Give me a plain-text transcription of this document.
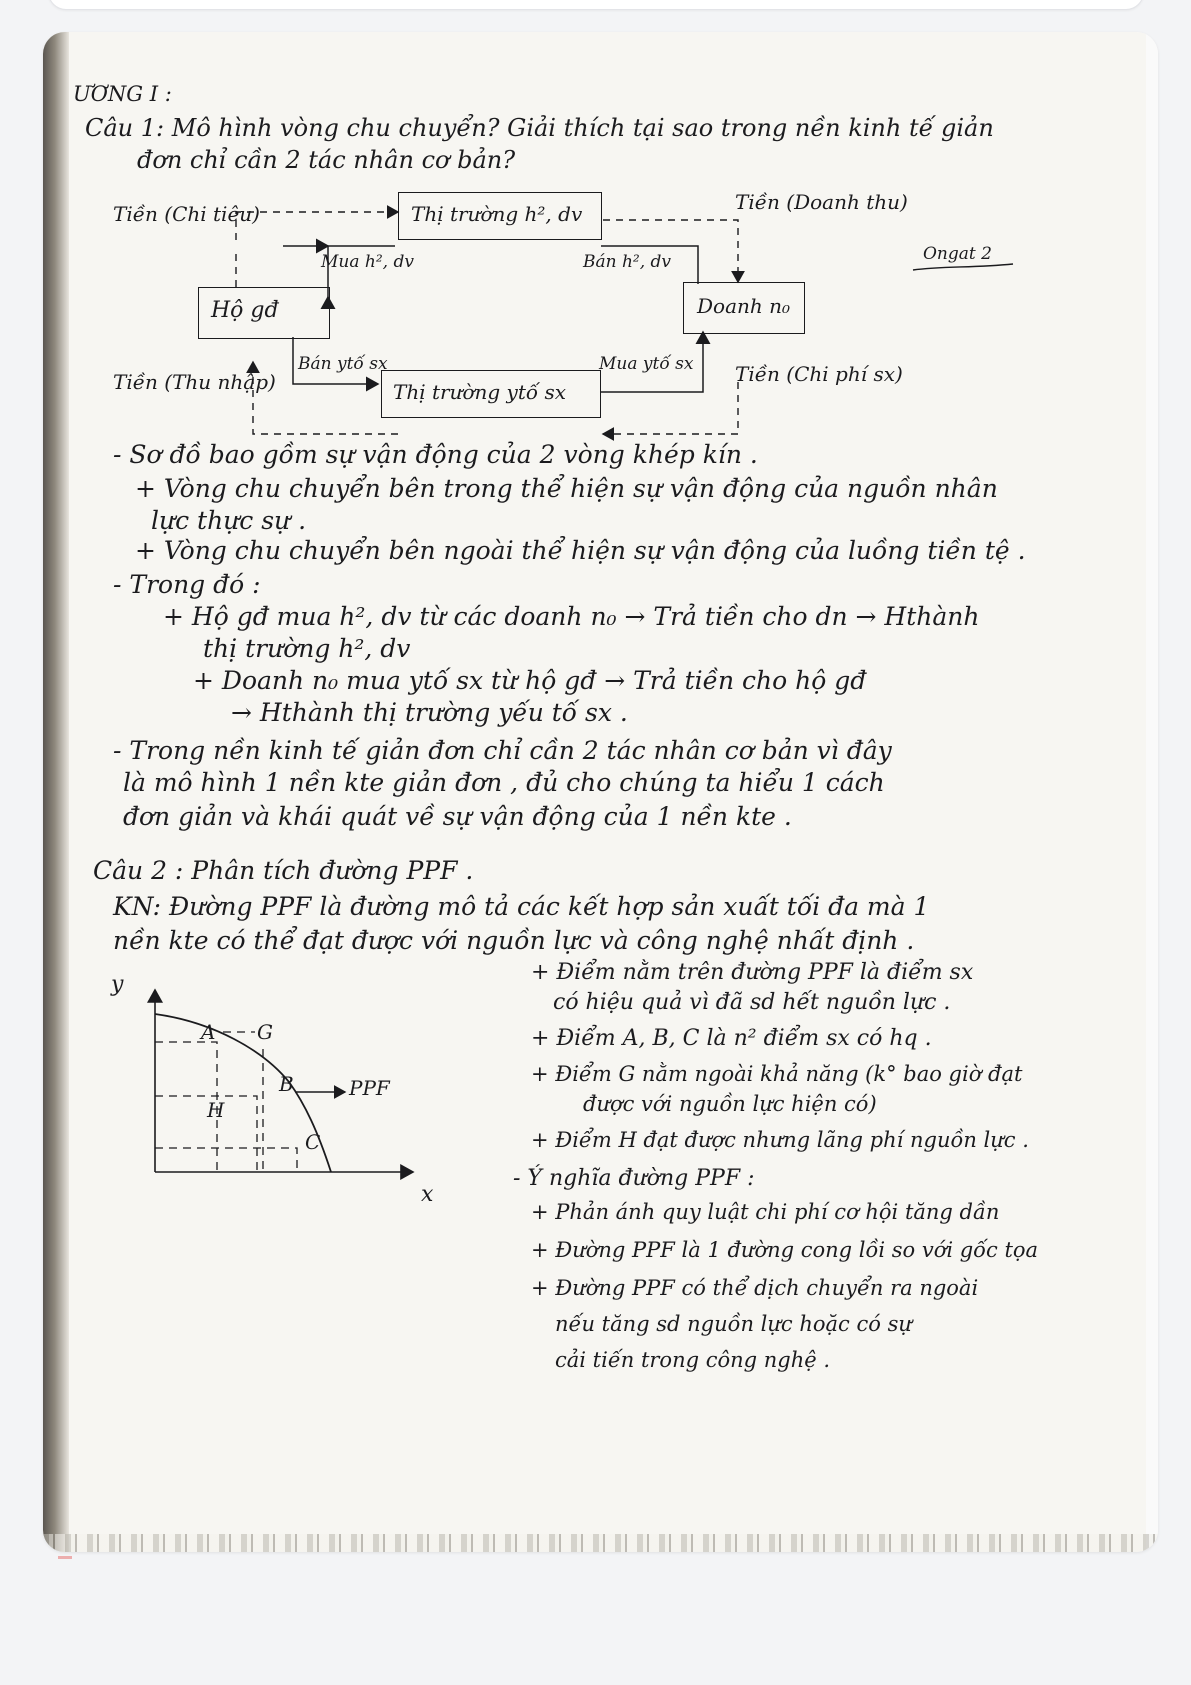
ƯƠNG I :
Câu 1: Mô hình vòng chu chuyển? Giải thích tại sao trong nền kinh tế giản
đơn chỉ cần 2 tác nhân cơ bản?
Tiền (Chi tiêu)	Thị trường h², dv	Tiền (Doanh thu)
Mua h², dv	Bán h², dv
Hộ gđ	Doanh n₀
Ongat 2
Bán ytố sx	Mua ytố sx
Tiền (Thu nhập)	Tiền (Chi phí sx)
Thị trường ytố sx
- Sơ đồ bao gồm sự vận động của 2 vòng khép kín .
+ Vòng chu chuyển bên trong thể hiện sự vận động của nguồn nhân
lực thực sự .
+ Vòng chu chuyển bên ngoài thể hiện sự vận động của luồng tiền tệ .
- Trong đó :
+ Hộ gđ mua h², dv từ các doanh n₀ → Trả tiền cho dn → Hthành
thị trường h², dv
+ Doanh n₀ mua ytố sx từ hộ gđ → Trả tiền cho hộ gđ
→ Hthành thị trường yếu tố sx .
- Trong nền kinh tế giản đơn chỉ cần 2 tác nhân cơ bản vì đây
là mô hình 1 nền kte giản đơn , đủ cho chúng ta hiểu 1 cách
đơn giản và khái quát về sự vận động của 1 nền kte .
Câu 2 : Phân tích đường PPF .
KN: Đường PPF là đường mô tả các kết hợp sản xuất tối đa mà 1
nền kte có thể đạt được với nguồn lực và công nghệ nhất định .
y
x
PPF
A G
B
H
C
+ Điểm nằm trên đường PPF là điểm sx
có hiệu quả vì đã sd hết nguồn lực .
+ Điểm A, B, C là n² điểm sx có hq .
+ Điểm G nằm ngoài khả năng (k° bao giờ đạt
được với nguồn lực hiện có)
+ Điểm H đạt được nhưng lãng phí nguồn lực .
- Ý nghĩa đường PPF :
+ Phản ánh quy luật chi phí cơ hội tăng dần
+ Đường PPF là 1 đường cong lồi so với gốc tọa
+ Đường PPF có thể dịch chuyển ra ngoài
nếu tăng sd nguồn lực hoặc có sự
cải tiến trong công nghệ .
